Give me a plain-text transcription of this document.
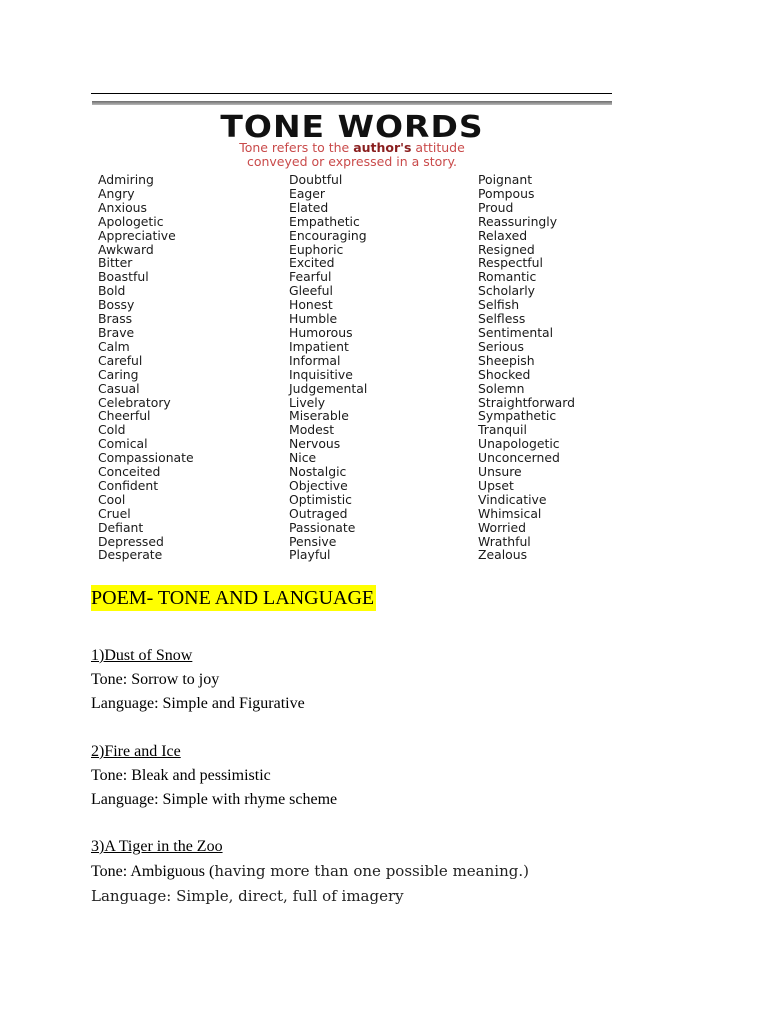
TONE WORDS
Tone refers to the author's attitude
conveyed or expressed in a story.
Admiring
Angry
Anxious
Apologetic
Appreciative
Awkward
Bitter
Boastful
Bold
Bossy
Brass
Brave
Calm
Careful
Caring
Casual
Celebratory
Cheerful
Cold
Comical
Compassionate
Conceited
Confident
Cool
Cruel
Defiant
Depressed
Desperate
Doubtful
Eager
Elated
Empathetic
Encouraging
Euphoric
Excited
Fearful
Gleeful
Honest
Humble
Humorous
Impatient
Informal
Inquisitive
Judgemental
Lively
Miserable
Modest
Nervous
Nice
Nostalgic
Objective
Optimistic
Outraged
Passionate
Pensive
Playful
Poignant
Pompous
Proud
Reassuringly
Relaxed
Resigned
Respectful
Romantic
Scholarly
Selfish
Selfless
Sentimental
Serious
Sheepish
Shocked
Solemn
Straightforward
Sympathetic
Tranquil
Unapologetic
Unconcerned
Unsure
Upset
Vindicative
Whimsical
Worried
Wrathful
Zealous
POEM- TONE AND LANGUAGE
1)Dust of Snow
Tone: Sorrow to joy
Language: Simple and Figurative
2)Fire and Ice
Tone: Bleak and pessimistic
Language: Simple with rhyme scheme
3)A Tiger in the Zoo
Tone: Ambiguous (having more than one possible meaning.)
Language: Simple, direct, full of imagery
